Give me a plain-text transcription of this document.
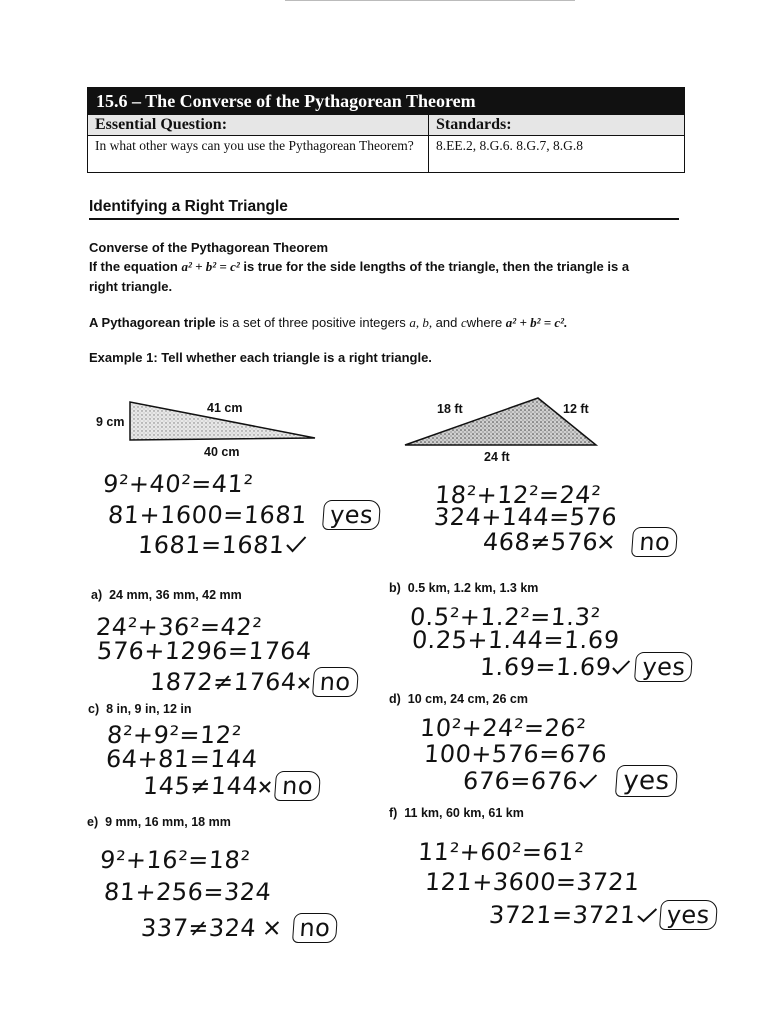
15.6 – The Converse of the Pythagorean Theorem
Essential Question:	Standards:
In what other ways can you use the Pythagorean Theorem?	8.EE.2, 8.G.6. 8.G.7, 8.G.8
Identifying a Right Triangle
Converse of the Pythagorean Theorem
If the equation a² + b² = c² is true for the side lengths of the triangle, then the triangle is a
right triangle.
A Pythagorean triple is a set of three positive integers a, b, and cwhere a² + b² = c².
Example 1: Tell whether each triangle is a right triangle.
9 cm
41 cm
40 cm
9²+40²=41²
81+1600=1681 yes
1681=1681
18 ft	12 ft
24 ft
18²+12²=24²
324+144=576
468≠576 no
a) 24 mm, 36 mm, 42 mm
24²+36²=42²
576+1296=1764
1872≠1764 no
b) 0.5 km, 1.2 km, 1.3 km
0.5²+1.2²=1.3²
0.25+1.44=1.69
1.69=1.69 yes
c) 8 in, 9 in, 12 in
8²+9²=12²
64+81=144
145≠144 no
d) 10 cm, 24 cm, 26 cm
10²+24²=26²
100+576=676
676=676 yes
e) 9 mm, 16 mm, 18 mm
9²+16²=18²
81+256=324
337≠324 no
f) 11 km, 60 km, 61 km
11²+60²=61²
121+3600=3721
3721=3721 yes
